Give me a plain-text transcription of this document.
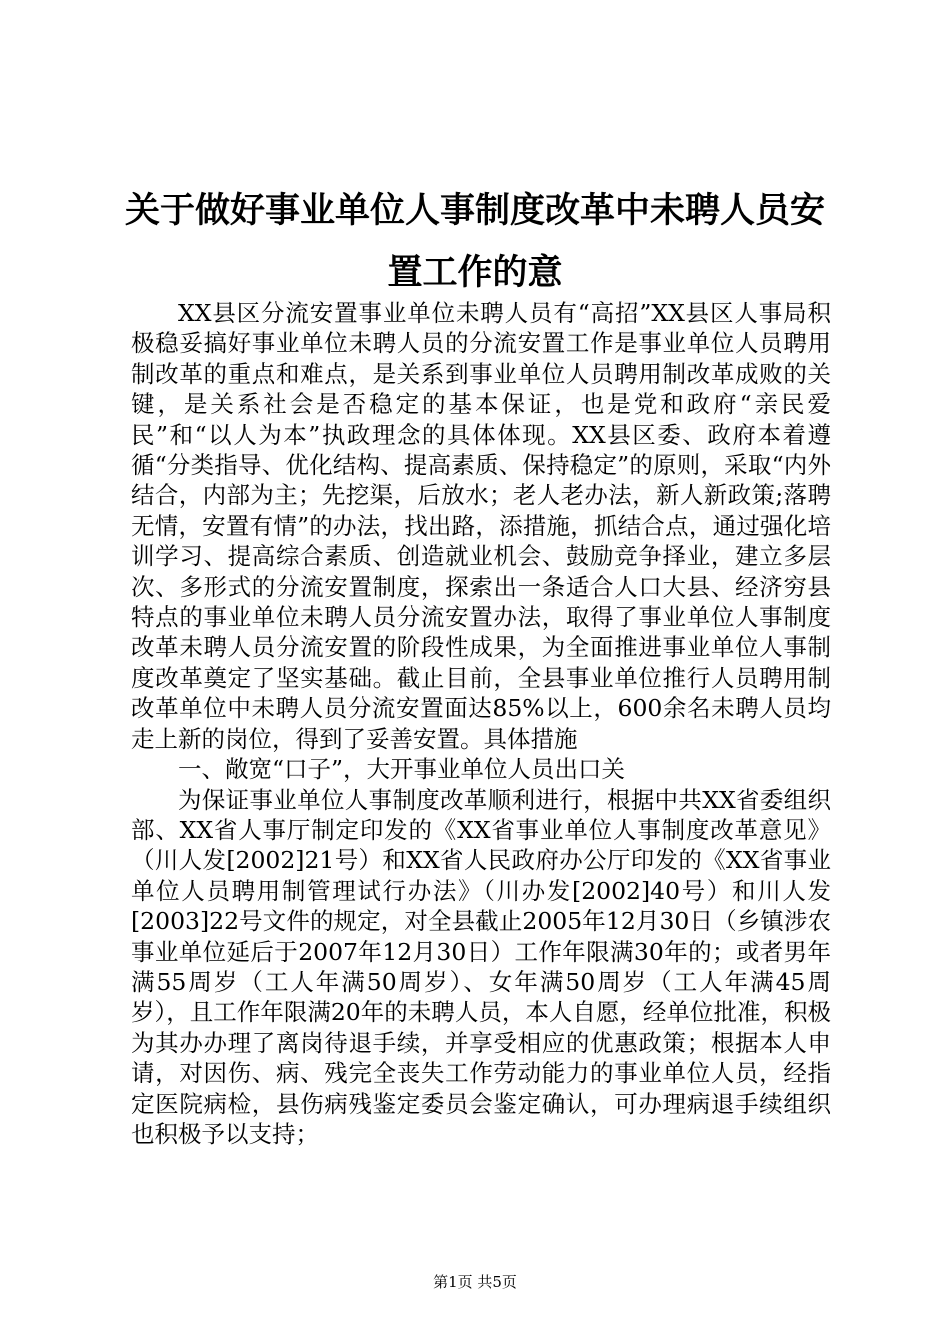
关于做好事业单位人事制度改革中未聘人员安置工作的意

XX县区分流安置事业单位未聘人员有“高招”XX县区人事局积极稳妥搞好事业单位未聘人员的分流安置工作是事业单位人员聘用制改革的重点和难点，是关系到事业单位人员聘用制改革成败的关键，是关系社会是否稳定的基本保证，也是党和政府“亲民爱民”和“以人为本”执政理念的具体体现。XX县区委、政府本着遵循“分类指导、优化结构、提高素质、保持稳定”的原则，采取“内外结合，内部为主；先挖渠，后放水；老人老办法，新人新政策;落聘无情，安置有情”的办法，找出路，添措施，抓结合点，通过强化培训学习、提高综合素质、创造就业机会、鼓励竞争择业，建立多层次、多形式的分流安置制度，探索出一条适合人口大县、经济穷县特点的事业单位未聘人员分流安置办法，取得了事业单位人事制度改革未聘人员分流安置的阶段性成果，为全面推进事业单位人事制度改革奠定了坚实基础。截止目前，全县事业单位推行人员聘用制改革单位中未聘人员分流安置面达85%以上，600余名未聘人员均走上新的岗位，得到了妥善安置。具体措施

一、敞宽“口子”，大开事业单位人员出口关

为保证事业单位人事制度改革顺利进行，根据中共XX省委组织部、XX省人事厅制定印发的《XX省事业单位人事制度改革意见》（川人发[2002]21号）和XX省人民政府办公厅印发的《XX省事业单位人员聘用制管理试行办法》（川办发[2002]40号）和川人发[2003]22号文件的规定，对全县截止2005年12月30日（乡镇涉农事业单位延后于2007年12月30日）工作年限满30年的；或者男年满55周岁（工人年满50周岁）、女年满50周岁（工人年满45周岁），且工作年限满20年的未聘人员，本人自愿，经单位批准，积极为其办办理了离岗待退手续，并享受相应的优惠政策；根据本人申请，对因伤、病、残完全丧失工作劳动能力的事业单位人员，经指定医院病检，县伤病残鉴定委员会鉴定确认，可办理病退手续组织也积极予以支持；

第1页 共5页
